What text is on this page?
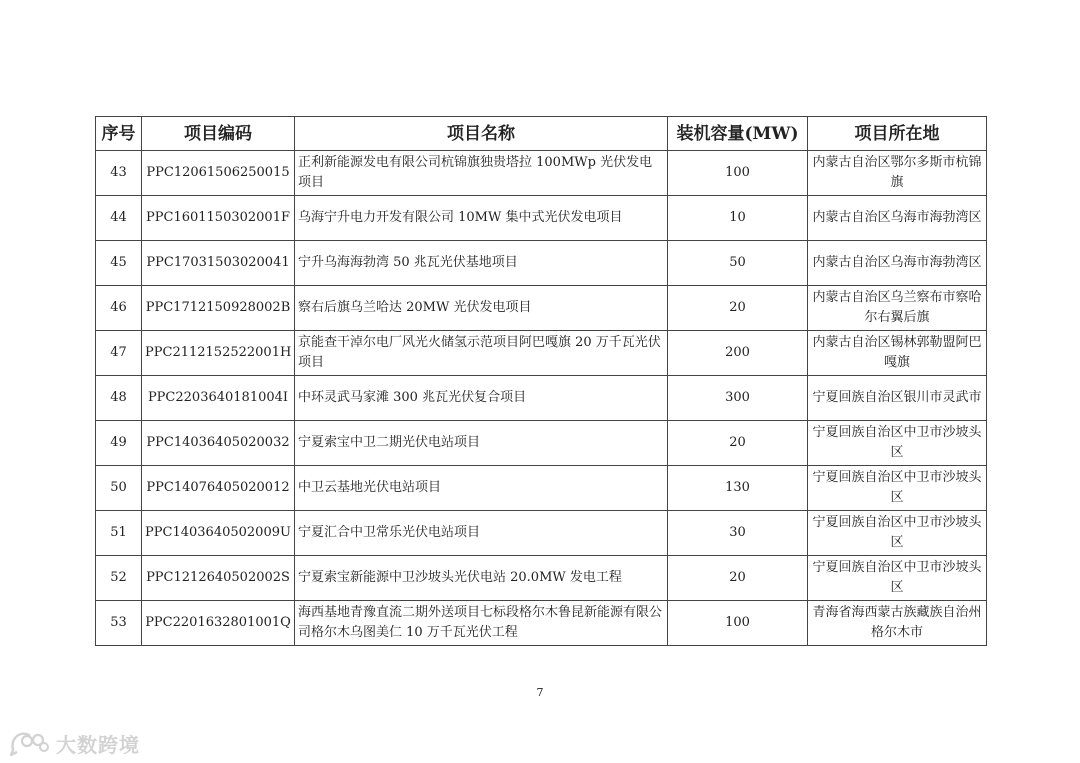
序号	项目编码	项目名称	装机容量(MW)	项目所在地
43	PPC12061506250015	正利新能源发电有限公司杭锦旗独贵塔拉 100MWp 光伏发电项目	100	内蒙古自治区鄂尔多斯市杭锦旗
44	PPC1601150302001F	乌海宁升电力开发有限公司 10MW 集中式光伏发电项目	10	内蒙古自治区乌海市海勃湾区
45	PPC17031503020041	宁升乌海海勃湾 50 兆瓦光伏基地项目	50	内蒙古自治区乌海市海勃湾区
46	PPC1712150928002B	察右后旗乌兰哈达 20MW 光伏发电项目	20	内蒙古自治区乌兰察布市察哈尔右翼后旗
47	PPC2112152522001H	京能查干淖尔电厂风光火储氢示范项目阿巴嘎旗 20 万千瓦光伏项目	200	内蒙古自治区锡林郭勒盟阿巴嘎旗
48	PPC2203640181004I	中环灵武马家滩 300 兆瓦光伏复合项目	300	宁夏回族自治区银川市灵武市
49	PPC14036405020032	宁夏索宝中卫二期光伏电站项目	20	宁夏回族自治区中卫市沙坡头区
50	PPC14076405020012	中卫云基地光伏电站项目	130	宁夏回族自治区中卫市沙坡头区
51	PPC1403640502009U	宁夏汇合中卫常乐光伏电站项目	30	宁夏回族自治区中卫市沙坡头区
52	PPC1212640502002S	宁夏索宝新能源中卫沙坡头光伏电站 20.0MW 发电工程	20	宁夏回族自治区中卫市沙坡头区
53	PPC2201632801001Q	海西基地青豫直流二期外送项目七标段格尔木鲁昆新能源有限公司格尔木乌图美仁 10 万千瓦光伏工程	100	青海省海西蒙古族藏族自治州格尔木市
7
大数跨境
